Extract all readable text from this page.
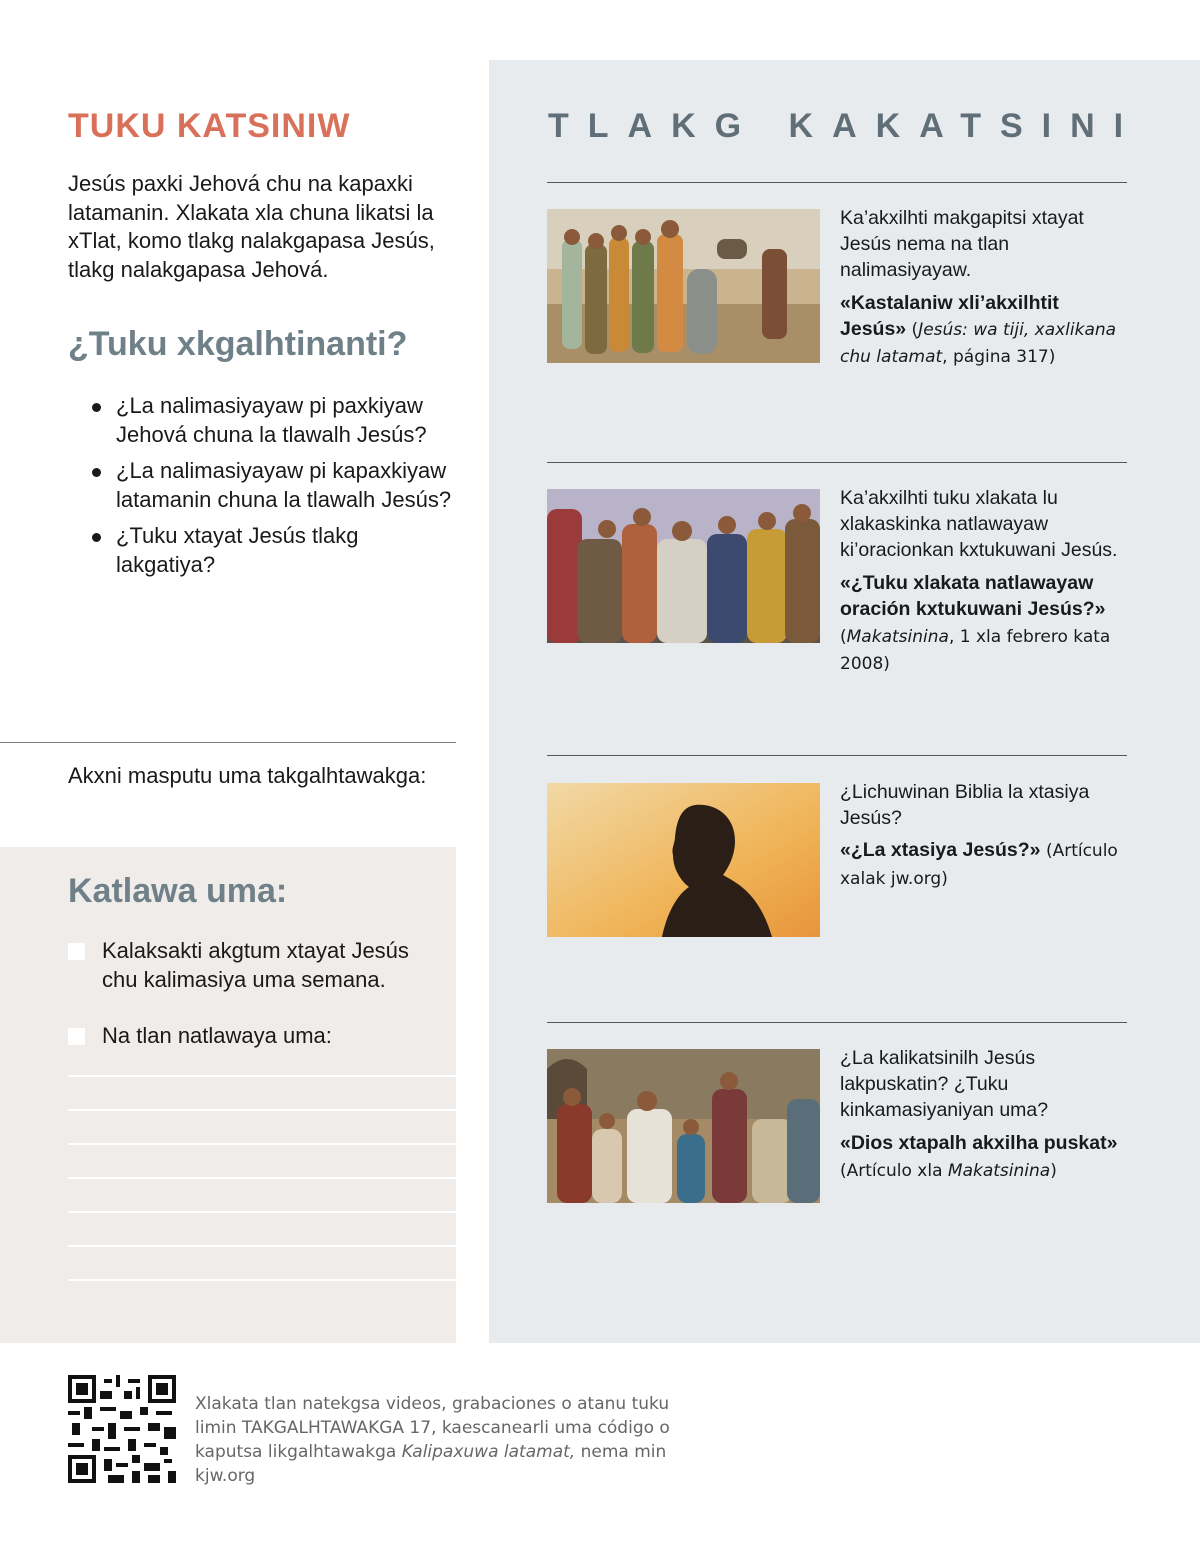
TUKU KATSINIW

Jesús paxki Jehová chu na kapaxki latamanin. Xlakata xla chuna likatsi la xTlat, komo tlakg nalakgapasa Jesús, tlakg nalakgapasa Jehová.

¿Tuku xkgalhtinanti?
¿La nalimasiyayaw pi paxkiyaw Jehová chuna la tlawalh Jesús?
¿La nalimasiyayaw pi kapaxkiyaw latamanin chuna la tlawalh Jesús?
¿Tuku xtayat Jesús tlakg lakgatiya?

Akxni masputu uma takgalhtawakga:

Katlawa uma:
Kalaksakti akgtum xtayat Jesús chu kalimasiya uma semana.
Na tlan natlawaya uma:
TLAKG KAKATSINI

Ka’akxilhti makgapitsi xtayat Jesús nema na tlan nalimasiyayaw.

«Kastalaniw xli’akxilhtit Jesús» (Jesús: wa tiji, xaxlikana chu latamat, página 317)

Ka’akxilhti tuku xlakata lu xlakaskinka natlawayaw ki’oracionkan kxtukuwani Jesús.

«¿Tuku xlakata natlawayaw oración kxtukuwani Jesús?» (Makatsinina, 1 xla febrero kata 2008)

¿Lichuwinan Biblia la xtasiya Jesús?

«¿La xtasiya Jesús?» (Artículo xalak jw.org)

¿La kalikatsinilh Jesús lakpuskatin? ¿Tuku kinkamasiyaniyan uma?

«Dios xtapalh akxilha puskat» (Artículo xla Makatsinina)
Xlakata tlan natekgsa videos, grabaciones o atanu tuku limin TAKGALHTAWAKGA 17, kaescanearli uma código o kaputsa likgalhtawakga Kalipaxuwa latamat, nema min kjw.org
